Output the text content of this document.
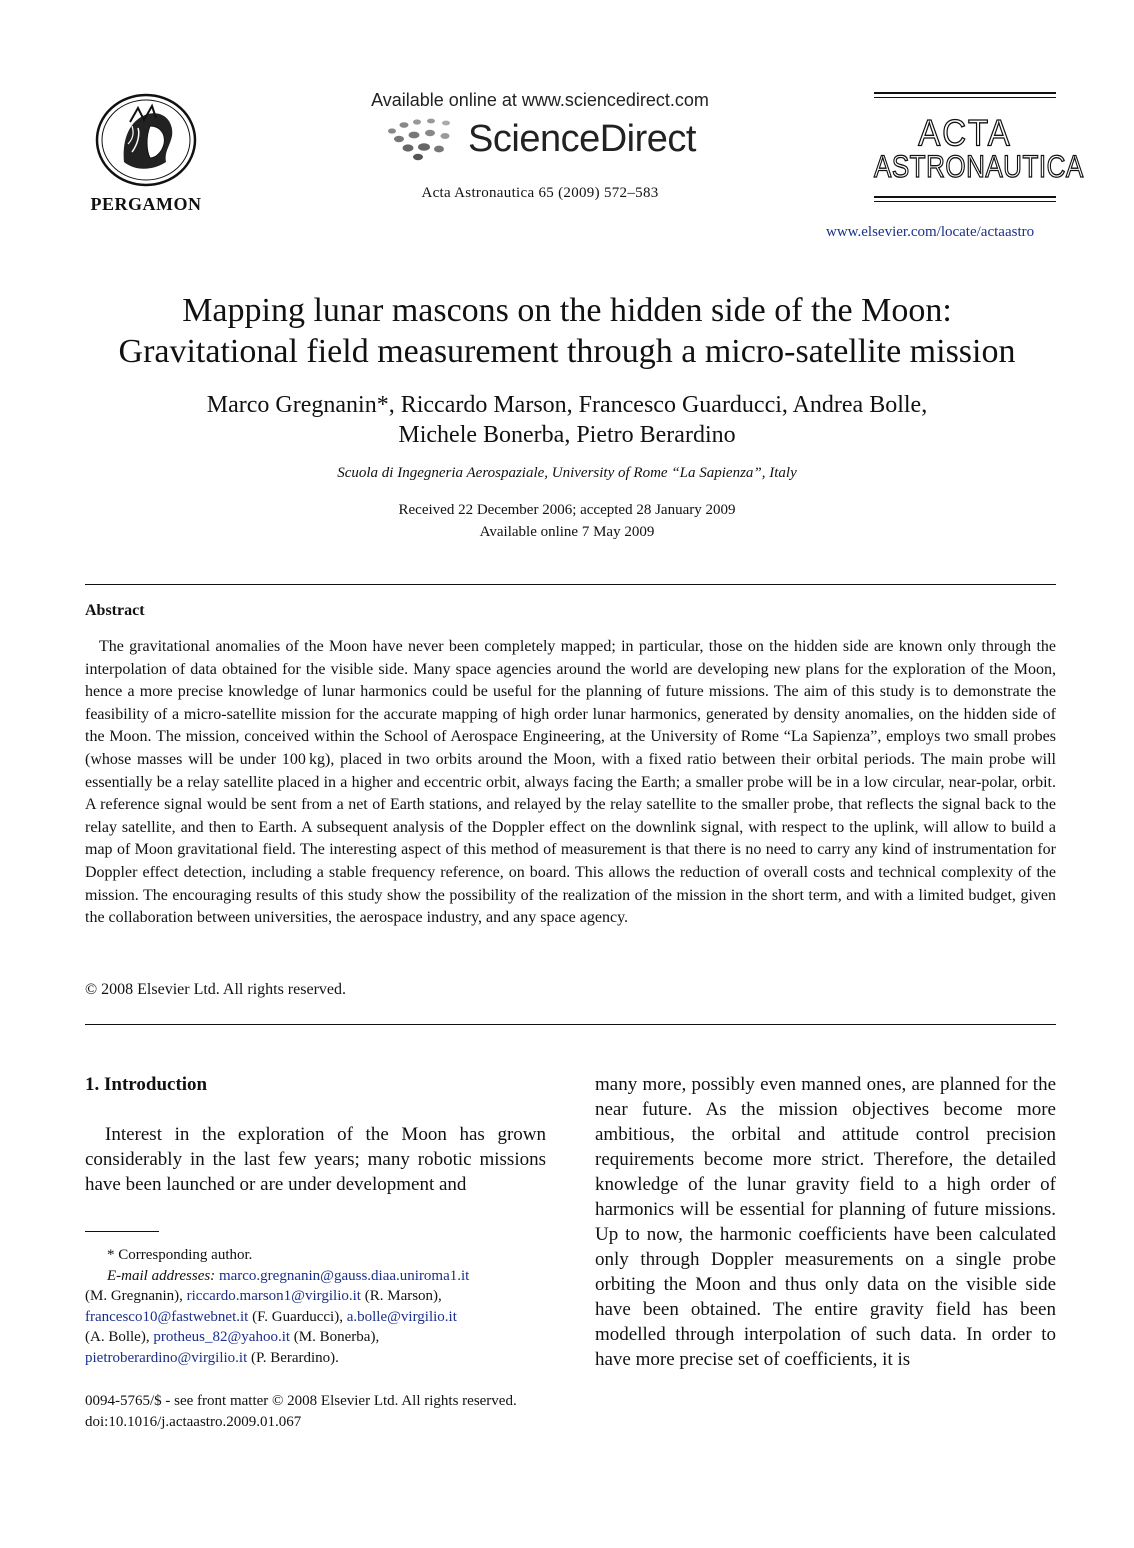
PERGAMON
Available online at www.sciencedirect.com
ScienceDirect
Acta Astronautica 65 (2009) 572–583
ACTA
ASTRONAUTICA
www.elsevier.com/locate/actaastro
Mapping lunar mascons on the hidden side of the Moon:
Gravitational field measurement through a micro-satellite mission
Marco Gregnanin*, Riccardo Marson, Francesco Guarducci, Andrea Bolle,
Michele Bonerba, Pietro Berardino
Scuola di Ingegneria Aerospaziale, University of Rome “La Sapienza”, Italy
Received 22 December 2006; accepted 28 January 2009
Available online 7 May 2009
Abstract

The gravitational anomalies of the Moon have never been completely mapped; in particular, those on the hidden side are known only through the interpolation of data obtained for the visible side. Many space agencies around the world are developing new plans for the exploration of the Moon, hence a more precise knowledge of lunar harmonics could be useful for the planning of future missions. The aim of this study is to demonstrate the feasibility of a micro-satellite mission for the accurate mapping of high order lunar harmonics, generated by density anomalies, on the hidden side of the Moon. The mission, conceived within the School of Aerospace Engineering, at the University of Rome “La Sapienza”, employs two small probes (whose masses will be under 100 kg), placed in two orbits around the Moon, with a fixed ratio between their orbital periods. The main probe will essentially be a relay satellite placed in a higher and eccentric orbit, always facing the Earth; a smaller probe will be in a low circular, near-polar, orbit. A reference signal would be sent from a net of Earth stations, and relayed by the relay satellite to the smaller probe, that reflects the signal back to the relay satellite, and then to Earth. A subsequent analysis of the Doppler effect on the downlink signal, with respect to the uplink, will allow to build a map of Moon gravitational field. The interesting aspect of this method of measurement is that there is no need to carry any kind of instrumentation for Doppler effect detection, including a stable frequency reference, on board. This allows the reduction of overall costs and technical complexity of the mission. The encouraging results of this study show the possibility of the realization of the mission in the short term, and with a limited budget, given the collaboration between universities, the aerospace industry, and any space agency.

© 2008 Elsevier Ltd. All rights reserved.
1. Introduction

Interest in the exploration of the Moon has grown considerably in the last few years; many robotic missions have been launched or are under development and

many more, possibly even manned ones, are planned for the near future. As the mission objectives become more ambitious, the orbital and attitude control precision requirements become more strict. Therefore, the detailed knowledge of the lunar gravity field to a high order of harmonics will be essential for planning of future missions. Up to now, the harmonic coefficients have been calculated only through Doppler measurements on a single probe orbiting the Moon and thus only data on the visible side have been obtained. The entire gravity field has been modelled through interpolation of such data. In order to have more precise set of coefficients, it is

* Corresponding author.
E-mail addresses: marco.gregnanin@gauss.diaa.uniroma1.it
(M. Gregnanin), riccardo.marson1@virgilio.it (R. Marson),
francesco10@fastwebnet.it (F. Guarducci), a.bolle@virgilio.it
(A. Bolle), protheus_82@yahoo.it (M. Bonerba),
pietroberardino@virgilio.it (P. Berardino).
0094-5765/$ - see front matter © 2008 Elsevier Ltd. All rights reserved.
doi:10.1016/j.actaastro.2009.01.067
